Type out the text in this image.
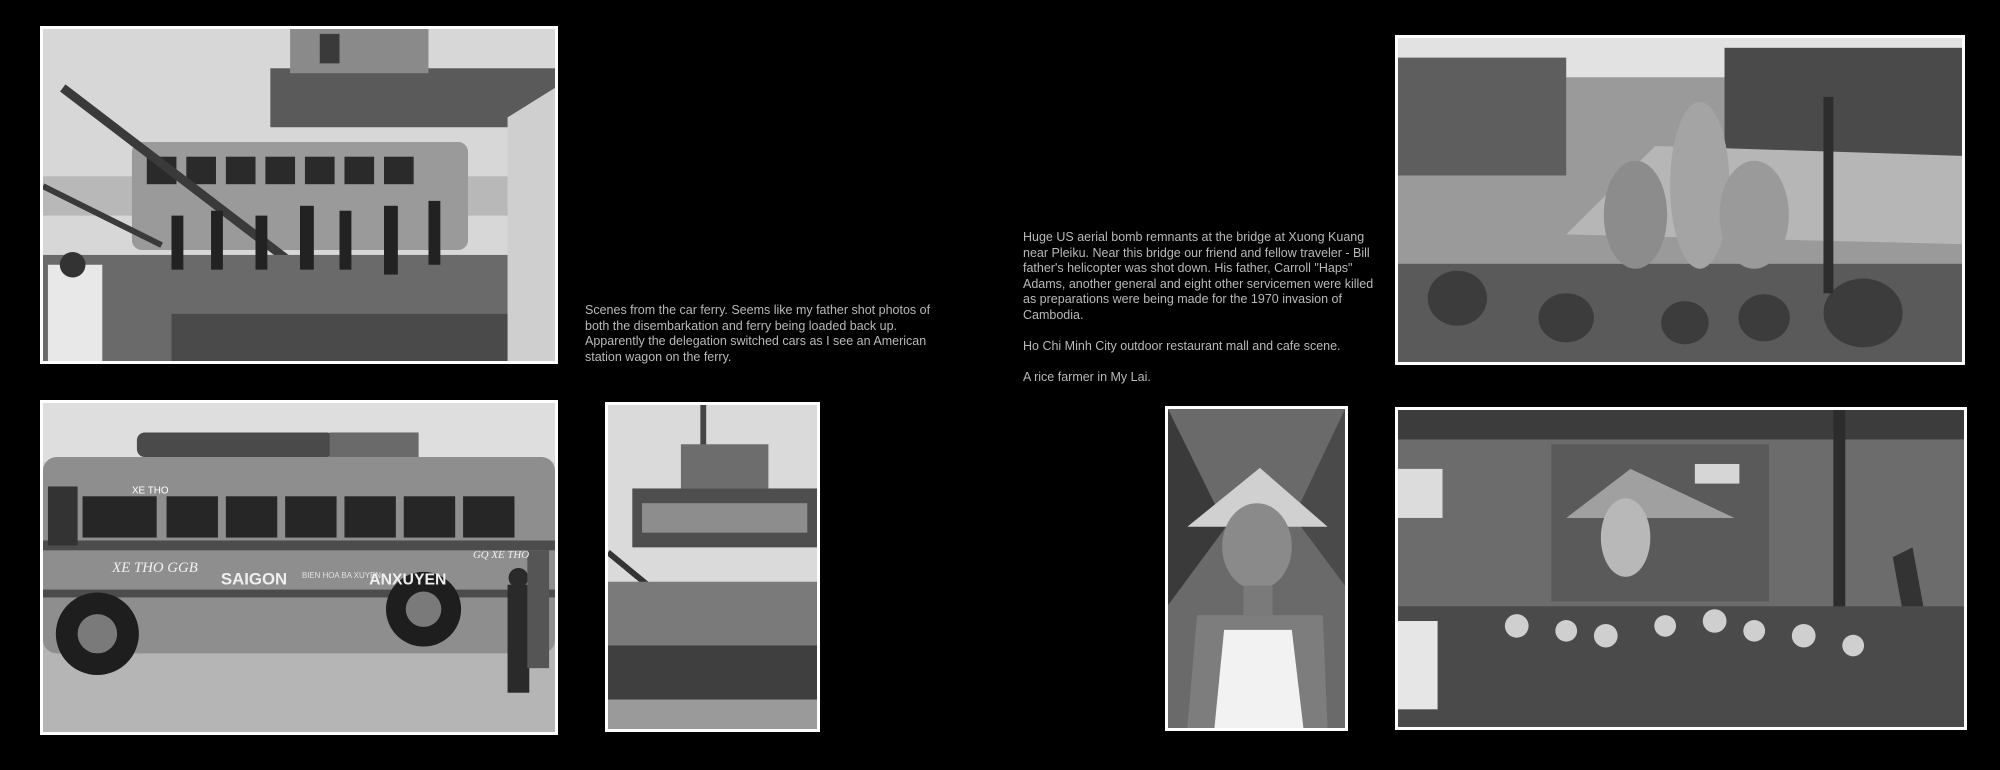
XE THO
XE THO GGB
GQ XE THO
SAIGON BIEN HOA BA XUYEN
ANXUYEN

Scenes from the car ferry. Seems like my father shot photos of both the disembarkation and ferry being loaded back up. Apparently the delegation switched cars as I see an American station wagon on the ferry.

Huge US aerial bomb remnants at the bridge at Xuong Kuang near Pleiku. Near this bridge our friend and fellow traveler - Bill father's helicopter was shot down. His father, Carroll "Haps" Adams, another general and eight other servicemen were killed as preparations were being made for the 1970 invasion of Cambodia.

Ho Chi Minh City outdoor restaurant mall and cafe scene.

A rice farmer in My Lai.
